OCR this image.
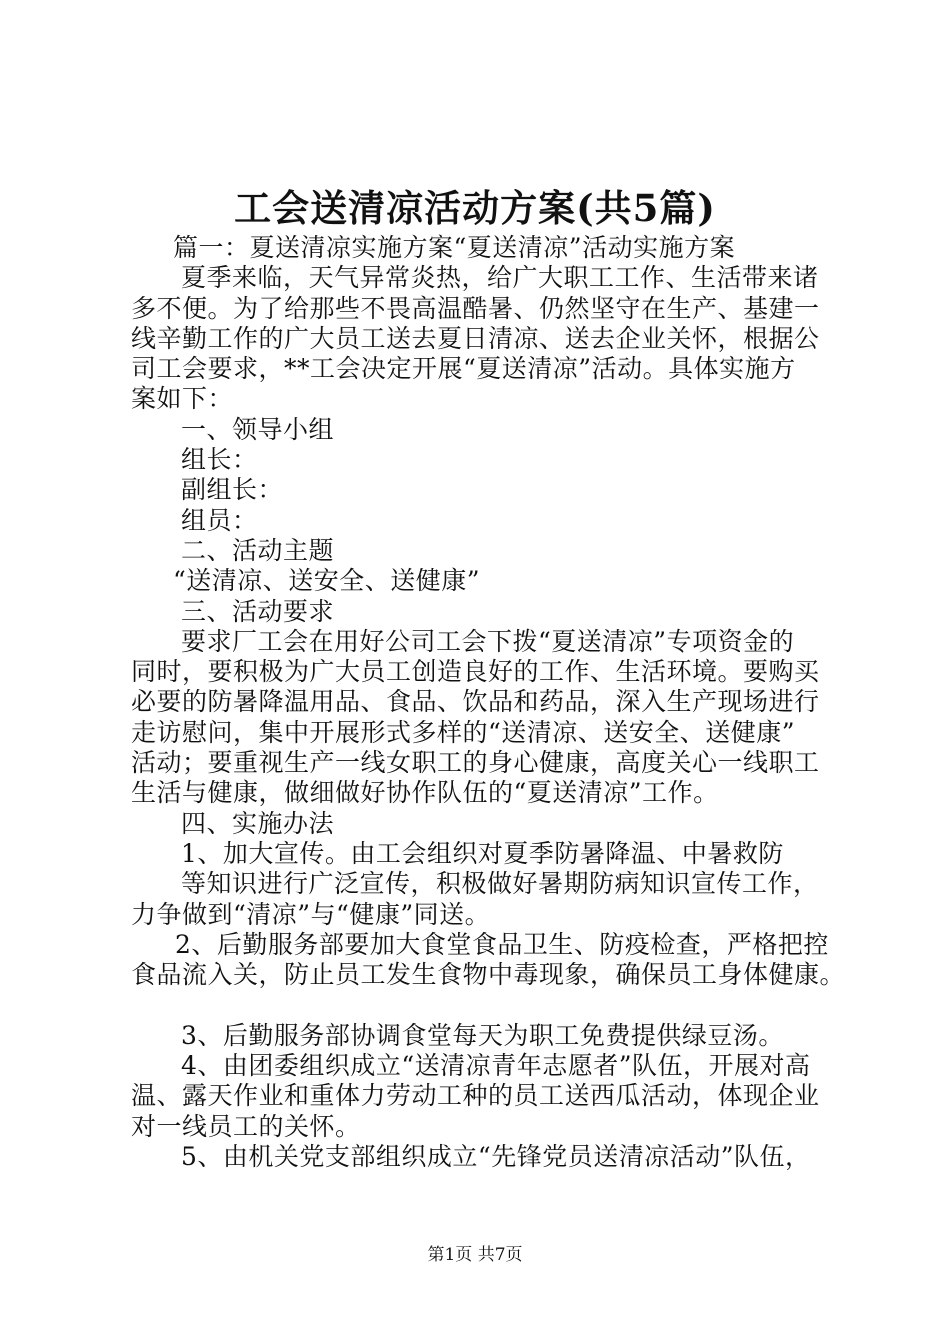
工会送清凉活动方案(共5篇)
篇一：夏送清凉实施方案“夏送清凉”活动实施方案
夏季来临，天气异常炎热，给广大职工工作、生活带来诸
多不便。为了给那些不畏高温酷暑、仍然坚守在生产、基建一
线辛勤工作的广大员工送去夏日清凉、送去企业关怀，根据公
司工会要求，**工会决定开展“夏送清凉”活动。具体实施方
案如下：
一、领导小组
组长：
副组长：
组员：
二、活动主题
“送清凉、送安全、送健康”
三、活动要求
要求厂工会在用好公司工会下拨“夏送清凉”专项资金的
同时，要积极为广大员工创造良好的工作、生活环境。要购买
必要的防暑降温用品、食品、饮品和药品，深入生产现场进行
走访慰问，集中开展形式多样的“送清凉、送安全、送健康”
活动；要重视生产一线女职工的身心健康，高度关心一线职工
生活与健康，做细做好协作队伍的“夏送清凉”工作。
四、实施办法
1、加大宣传。由工会组织对夏季防暑降温、中暑救防
等知识进行广泛宣传，积极做好暑期防病知识宣传工作，
力争做到“清凉”与“健康”同送。
2、后勤服务部要加大食堂食品卫生、防疫检查，严格把控
食品流入关，防止员工发生食物中毒现象，确保员工身体健康。
3、后勤服务部协调食堂每天为职工免费提供绿豆汤。
4、由团委组织成立“送清凉青年志愿者”队伍，开展对高
温、露天作业和重体力劳动工种的员工送西瓜活动，体现企业
对一线员工的关怀。
5、由机关党支部组织成立“先锋党员送清凉活动”队伍，
第1页 共7页
